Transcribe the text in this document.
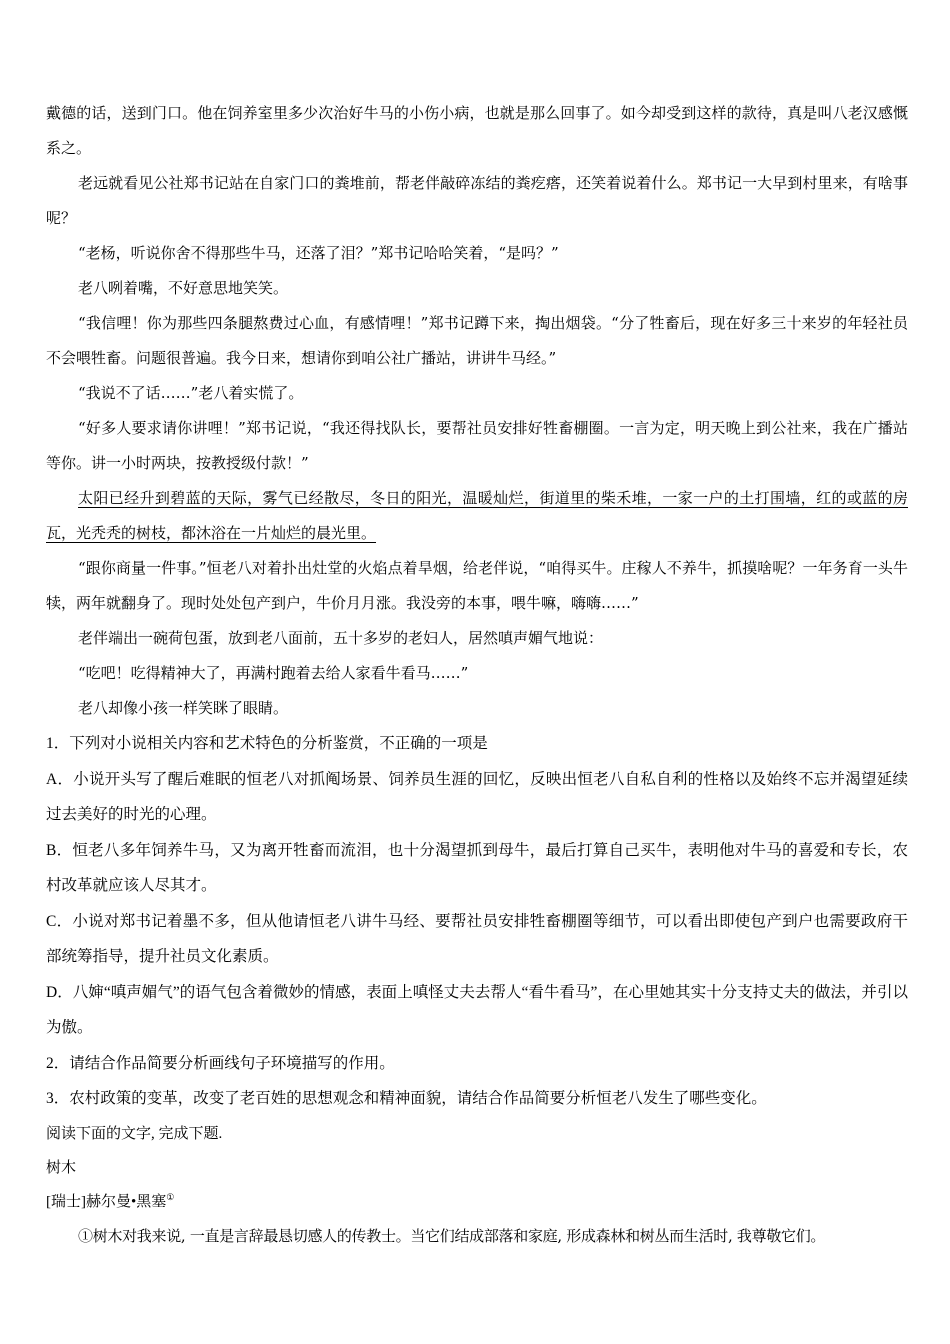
戴德的话，送到门口。他在饲养室里多少次治好牛马的小伤小病，也就是那么回事了。如今却受到这样的款待，真是叫八老汉感慨系之。

老远就看见公社郑书记站在自家门口的粪堆前，帮老伴敲碎冻结的粪疙瘩，还笑着说着什么。郑书记一大早到村里来，有啥事呢？

“老杨，听说你舍不得那些牛马，还落了泪？”郑书记哈哈笑着，“是吗？”

老八咧着嘴，不好意思地笑笑。

“我信哩！你为那些四条腿熬费过心血，有感情哩！”郑书记蹲下来，掏出烟袋。“分了牲畜后，现在好多三十来岁的年轻社员不会喂牲畜。问题很普遍。我今日来，想请你到咱公社广播站，讲讲牛马经。”

“我说不了话……”老八着实慌了。

“好多人要求请你讲哩！”郑书记说，“我还得找队长，要帮社员安排好牲畜棚圈。一言为定，明天晚上到公社来，我在广播站等你。讲一小时两块，按教授级付款！”

太阳已经升到碧蓝的天际，雾气已经散尽，冬日的阳光，温暖灿烂，街道里的柴禾堆，一家一户的土打围墙，红的或蓝的房瓦，光秃秃的树枝，都沐浴在一片灿烂的晨光里。

“跟你商量一件事。”恒老八对着扑出灶堂的火焰点着旱烟，给老伴说，“咱得买牛。庄稼人不养牛，抓摸啥呢？一年务育一头牛犊，两年就翻身了。现时处处包产到户，牛价月月涨。我没旁的本事，喂牛嘛，嗨嗨……”

老伴端出一碗荷包蛋，放到老八面前，五十多岁的老妇人，居然嗔声媚气地说：

“吃吧！吃得精神大了，再满村跑着去给人家看牛看马……”

老八却像小孩一样笑眯了眼睛。

1．下列对小说相关内容和艺术特色的分析鉴赏，不正确的一项是

A．小说开头写了醒后难眠的恒老八对抓阄场景、饲养员生涯的回忆，反映出恒老八自私自利的性格以及始终不忘并渴望延续过去美好的时光的心理。

B．恒老八多年饲养牛马，又为离开牲畜而流泪，也十分渴望抓到母牛，最后打算自己买牛，表明他对牛马的喜爱和专长，农村改革就应该人尽其才。

C．小说对郑书记着墨不多，但从他请恒老八讲牛马经、要帮社员安排牲畜棚圈等细节，可以看出即使包产到户也需要政府干部统筹指导，提升社员文化素质。

D．八婶“嗔声媚气”的语气包含着微妙的情感，表面上嗔怪丈夫去帮人“看牛看马”，在心里她其实十分支持丈夫的做法，并引以为傲。

2．请结合作品简要分析画线句子环境描写的作用。

3．农村政策的变革，改变了老百姓的思想观念和精神面貌，请结合作品简要分析恒老八发生了哪些变化。

阅读下面的文字, 完成下题.

树木

[瑞士]赫尔曼•黑塞①

①树木对我来说, 一直是言辞最恳切感人的传教士。当它们结成部落和家庭, 形成森林和树丛而生活时, 我尊敬它们。
